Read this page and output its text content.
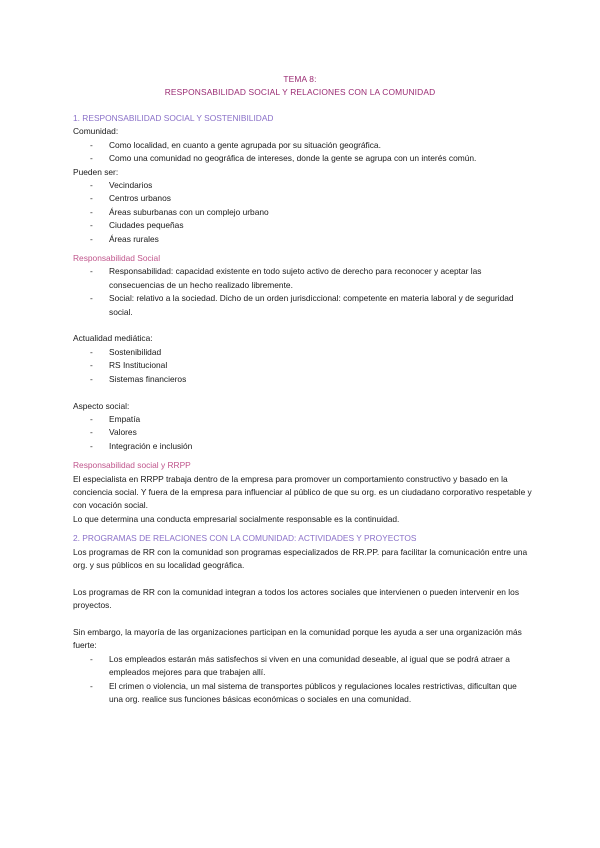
TEMA 8:

RESPONSABILIDAD SOCIAL Y RELACIONES CON LA COMUNIDAD

1. RESPONSABILIDAD SOCIAL Y SOSTENIBILIDAD

Comunidad:

- Como localidad, en cuanto a gente agrupada por su situación geográfica.
- Como una comunidad no geográfica de intereses, donde la gente se agrupa con un interés común.

Pueden ser:

- Vecindarios
- Centros urbanos
- Áreas suburbanas con un complejo urbano
- Ciudades pequeñas
- Áreas rurales

Responsabilidad Social

- Responsabilidad: capacidad existente en todo sujeto activo de derecho para reconocer y aceptar las consecuencias de un hecho realizado libremente.
- Social: relativo a la sociedad. Dicho de un orden jurisdiccional: competente en materia laboral y de seguridad social.

Actualidad mediática:

- Sostenibilidad
- RS Institucional
- Sistemas financieros

Aspecto social:

- Empatía
- Valores
- Integración e inclusión

Responsabilidad social y RRPP

El especialista en RRPP trabaja dentro de la empresa para promover un comportamiento constructivo y basado en la conciencia social. Y fuera de la empresa para influenciar al público de que su org. es un ciudadano corporativo respetable y con vocación social.

Lo que determina una conducta empresarial socialmente responsable es la continuidad.

2. PROGRAMAS DE RELACIONES CON LA COMUNIDAD: ACTIVIDADES Y PROYECTOS

Los programas de RR con la comunidad son programas especializados de RR.PP. para facilitar la comunicación entre una org. y sus públicos en su localidad geográfica.

Los programas de RR con la comunidad integran a todos los actores sociales que intervienen o pueden intervenir en los proyectos.

Sin embargo, la mayoría de las organizaciones participan en la comunidad porque les ayuda a ser una organización más fuerte:

- Los empleados estarán más satisfechos si viven en una comunidad deseable, al igual que se podrá atraer a empleados mejores para que trabajen allí.
- El crimen o violencia, un mal sistema de transportes públicos y regulaciones locales restrictivas, dificultan que una org. realice sus funciones básicas económicas o sociales en una comunidad.
